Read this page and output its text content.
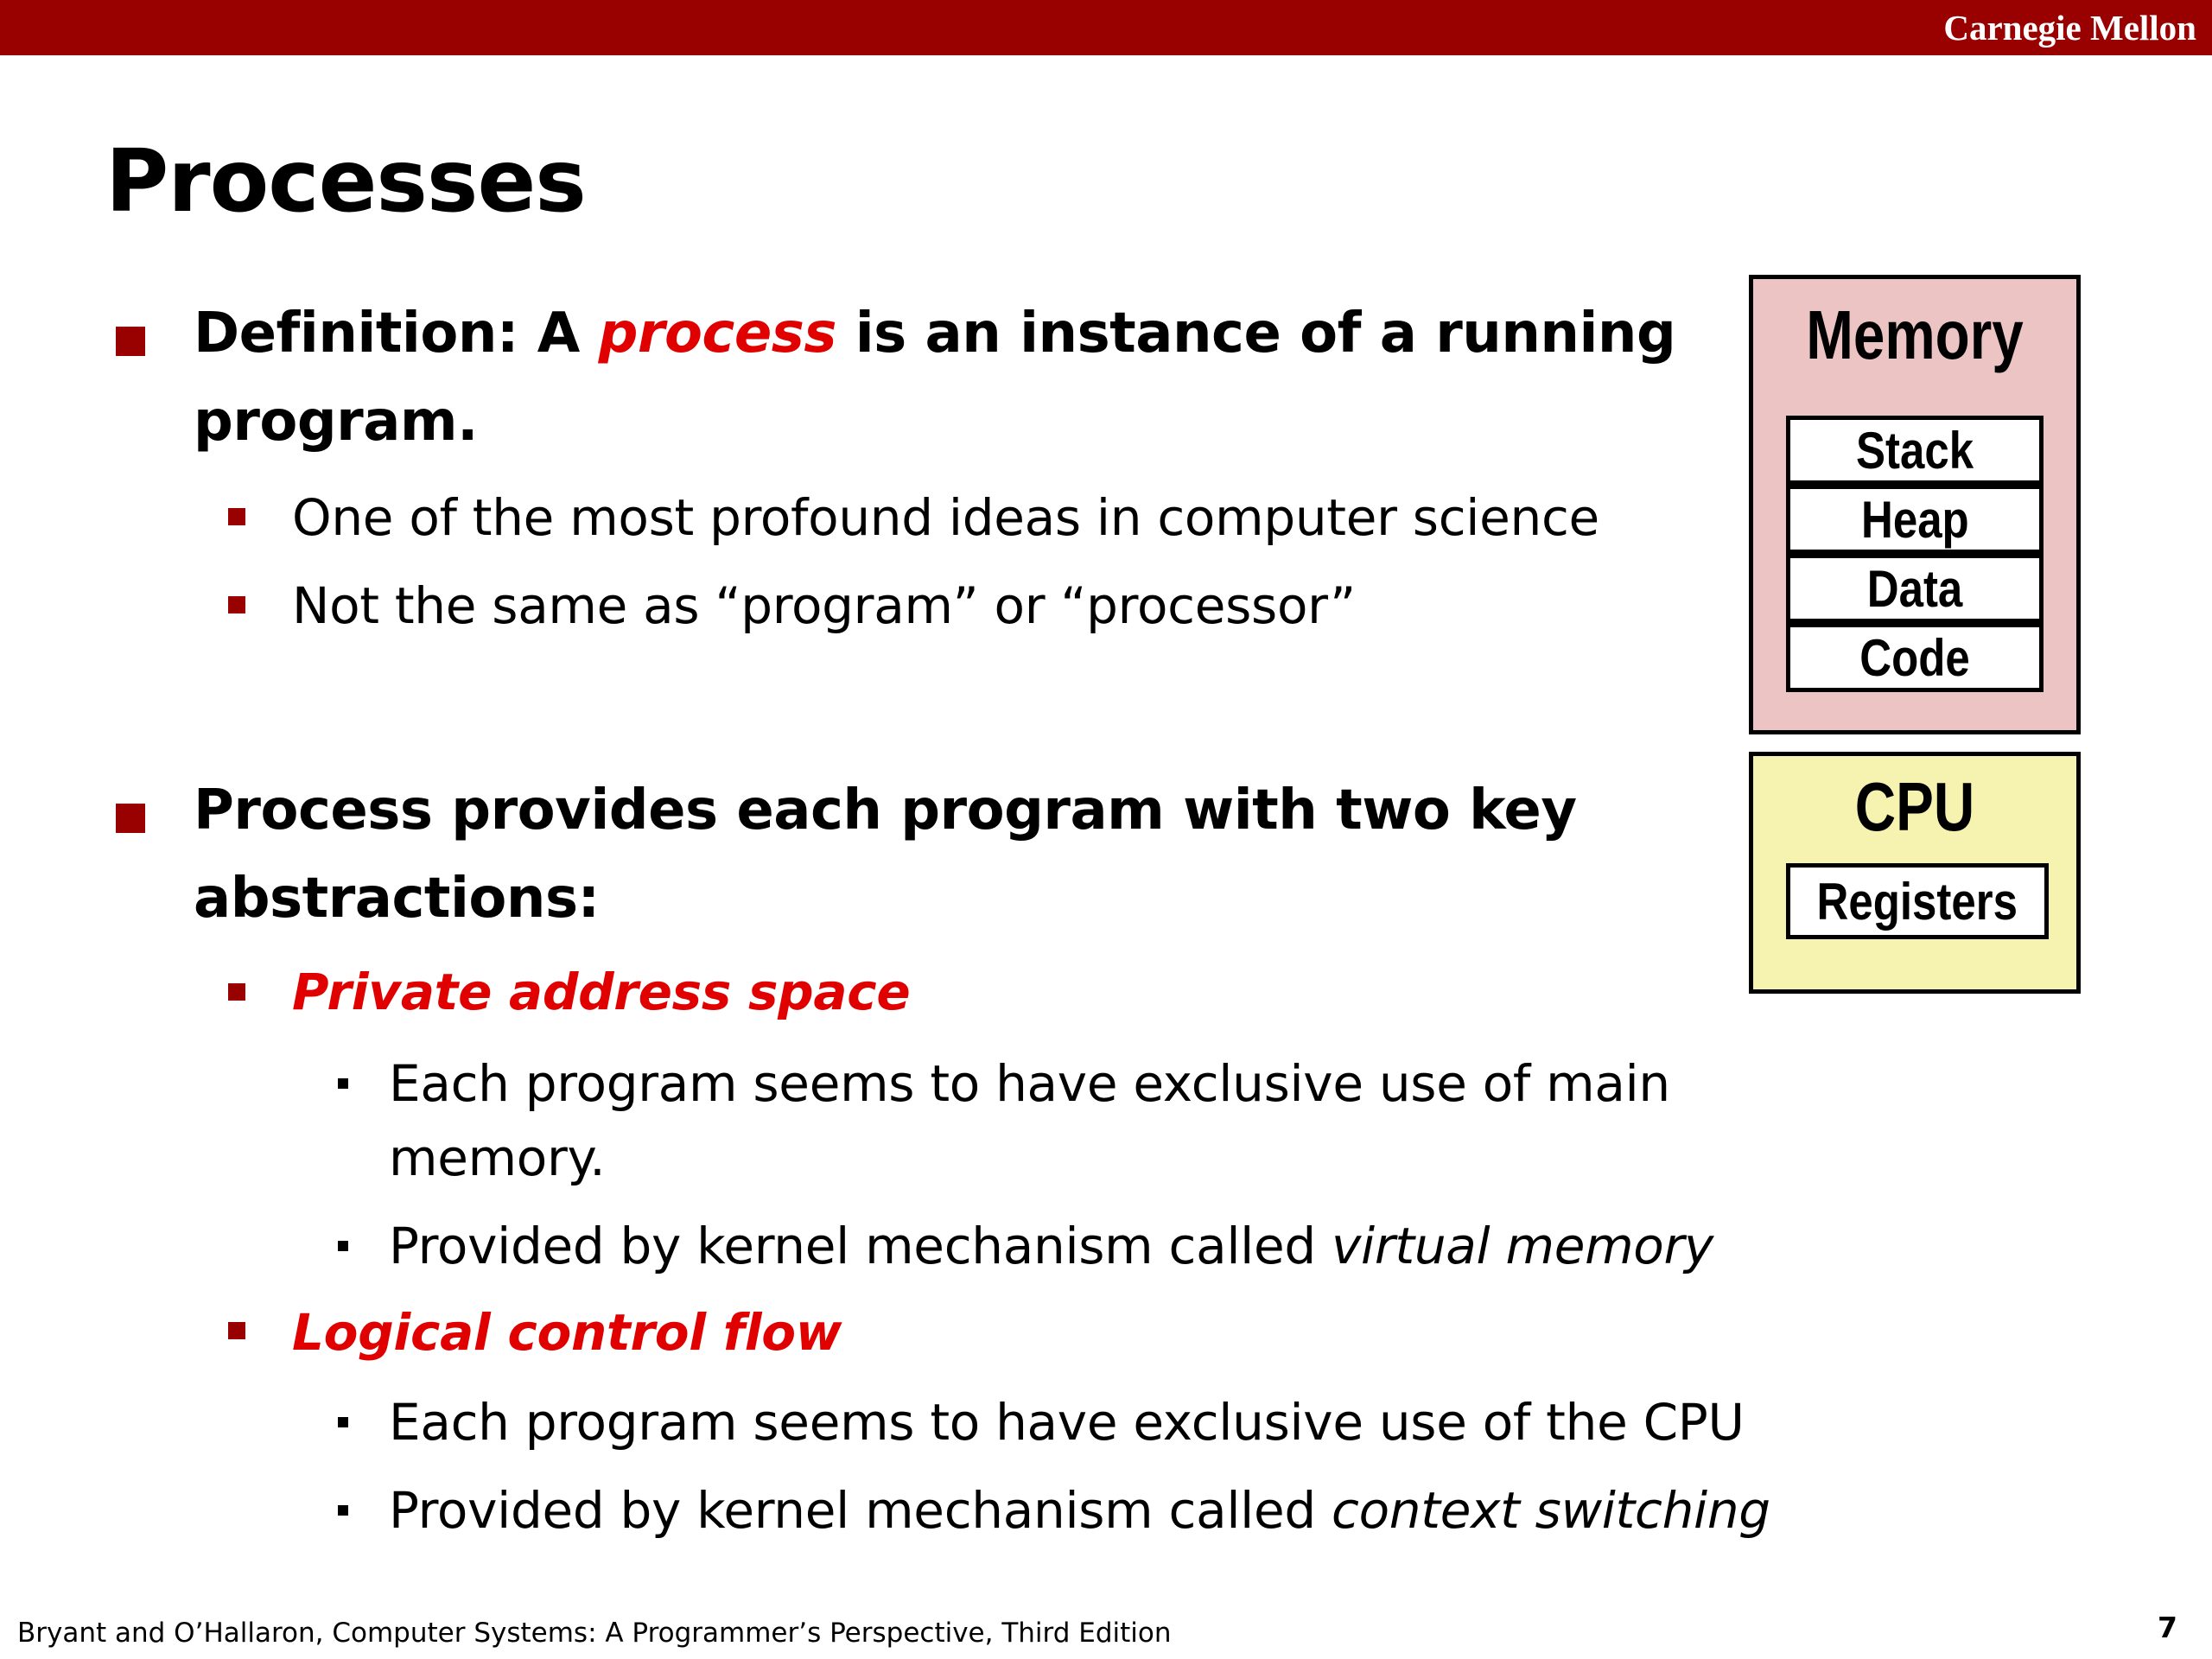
Carnegie Mellon
Processes
Definition: A process is an instance of a running
program.
One of the most profound ideas in computer science
Not the same as “program” or “processor”
Process provides each program with two key
abstractions:
Private address space
Each program seems to have exclusive use of main
memory.
Provided by kernel mechanism called virtual memory
Logical control flow
Each program seems to have exclusive use of the CPU
Provided by kernel mechanism called context switching
Memory
Stack
Heap
Data
Code
CPU
Registers
Bryant and O’Hallaron, Computer Systems: A Programmer’s Perspective, Third Edition	7
